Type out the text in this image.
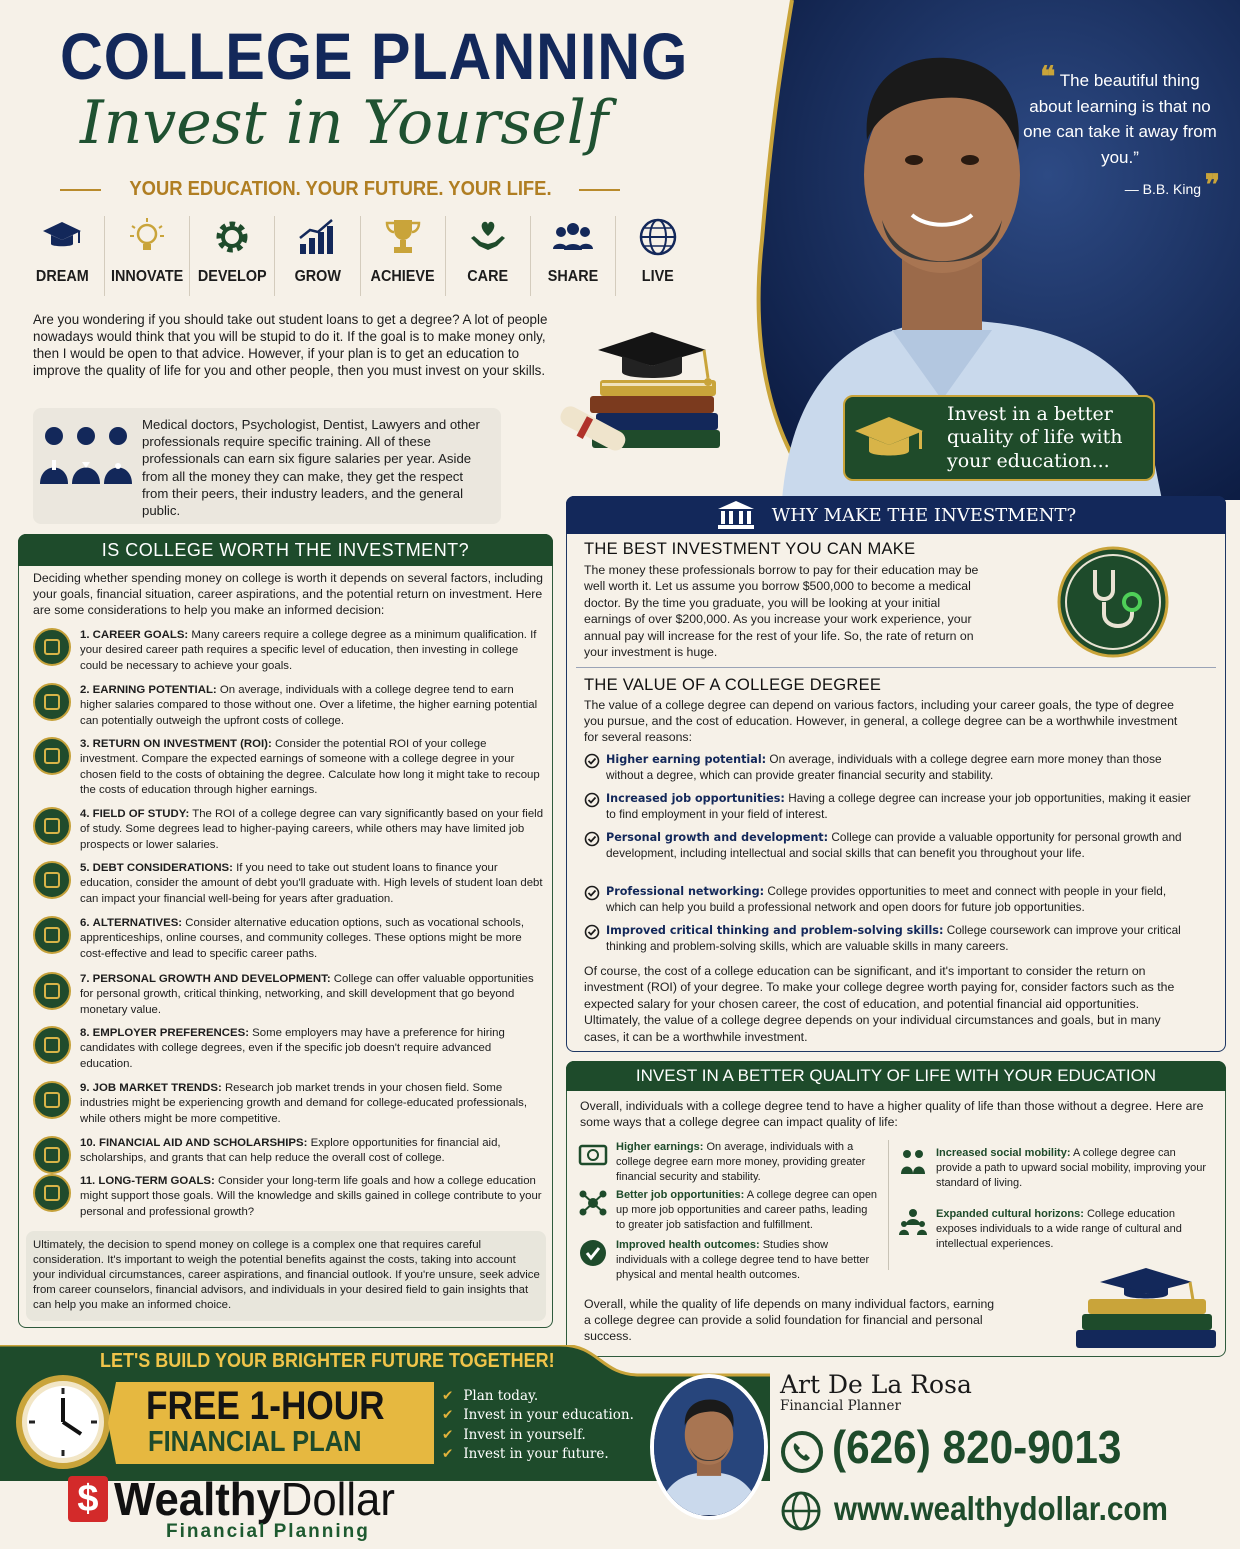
COLLEGE PLANNING
Invest in Yourself
YOUR EDUCATION. YOUR FUTURE. YOUR LIFE.
DREAM INNOVATE DEVELOP GROW ACHIEVE CARE SHARE	LIVE
Are you wondering if you should take out student loans to get a degree? A lot of people nowadays would think that you will be stupid to do it. If the goal is to make money only, then I would be open to that advice. However, if your plan is to get an education to improve the quality of life for you and other people, then you must invest on your skills.
Medical doctors, Psychologist, Dentist, Lawyers and other professionals require specific training. All of these professionals can earn six figure salaries per year. Aside from all the money they can make, they get the respect from their peers, their industry leaders, and the general public.
❝ The beautiful thing about learning is that no one can take it away from you.”
— B.B. King ❞
Invest in a better quality of life with your education...
IS COLLEGE WORTH THE INVESTMENT?
Deciding whether spending money on college is worth it depends on several factors, including your goals, financial situation, career aspirations, and the potential return on investment. Here are some considerations to help you make an informed decision:
1. CAREER GOALS: Many careers require a college degree as a minimum qualification. If your desired career path requires a specific level of education, then investing in college could be necessary to achieve your goals.
2. EARNING POTENTIAL: On average, individuals with a college degree tend to earn higher salaries compared to those without one. Over a lifetime, the higher earning potential can potentially outweigh the upfront costs of college.
3. RETURN ON INVESTMENT (ROI): Consider the potential ROI of your college investment. Compare the expected earnings of someone with a college degree in your chosen field to the costs of obtaining the degree. Calculate how long it might take to recoup the costs of education through higher earnings.
4. FIELD OF STUDY: The ROI of a college degree can vary significantly based on your field of study. Some degrees lead to higher-paying careers, while others may have limited job prospects or lower salaries.
5. DEBT CONSIDERATIONS: If you need to take out student loans to finance your education, consider the amount of debt you'll graduate with. High levels of student loan debt can impact your financial well-being for years after graduation.
6. ALTERNATIVES: Consider alternative education options, such as vocational schools, apprenticeships, online courses, and community colleges. These options might be more cost-effective and lead to specific career paths.
7. PERSONAL GROWTH AND DEVELOPMENT: College can offer valuable opportunities for personal growth, critical thinking, networking, and skill development that go beyond monetary value.
8. EMPLOYER PREFERENCES: Some employers may have a preference for hiring candidates with college degrees, even if the specific job doesn't require advanced education.
9. JOB MARKET TRENDS: Research job market trends in your chosen field. Some industries might be experiencing growth and demand for college-educated professionals, while others might be more competitive.
10. FINANCIAL AID AND SCHOLARSHIPS: Explore opportunities for financial aid, scholarships, and grants that can help reduce the overall cost of college.
11. LONG-TERM GOALS: Consider your long-term life goals and how a college education might support those goals. Will the knowledge and skills gained in college contribute to your personal and professional growth?
Ultimately, the decision to spend money on college is a complex one that requires careful consideration. It's important to weigh the potential benefits against the costs, taking into account your individual circumstances, career aspirations, and financial outlook. If you're unsure, seek advice from career counselors, financial advisors, and individuals in your desired field to gain insights that can help you make an informed choice.
WHY MAKE THE INVESTMENT?
THE BEST INVESTMENT YOU CAN MAKE
The money these professionals borrow to pay for their education may be well worth it. Let us assume you borrow $500,000 to become a medical doctor. By the time you graduate, you will be looking at your initial earnings of over $200,000. As you increase your work experience, your annual pay will increase for the rest of your life. So, the rate of return on your investment is huge.
THE VALUE OF A COLLEGE DEGREE
The value of a college degree can depend on various factors, including your career goals, the type of degree you pursue, and the cost of education. However, in general, a college degree can be a worthwhile investment for several reasons:
Higher earning potential: On average, individuals with a college degree earn more money than those without a degree, which can provide greater financial security and stability.
Increased job opportunities: Having a college degree can increase your job opportunities, making it easier to find employment in your field of interest.
Personal growth and development: College can provide a valuable opportunity for personal growth and development, including intellectual and social skills that can benefit you throughout your life.
Professional networking: College provides opportunities to meet and connect with people in your field, which can help you build a professional network and open doors for future job opportunities.
Improved critical thinking and problem-solving skills: College coursework can improve your critical thinking and problem-solving skills, which are valuable skills in many careers.
Of course, the cost of a college education can be significant, and it's important to consider the return on investment (ROI) of your degree. To make your college degree worth paying for, consider factors such as the expected salary for your chosen career, the cost of education, and potential financial aid opportunities. Ultimately, the value of a college degree depends on your individual circumstances and goals, but in many cases, it can be a worthwhile investment.
INVEST IN A BETTER QUALITY OF LIFE WITH YOUR EDUCATION
Overall, individuals with a college degree tend to have a higher quality of life than those without a degree. Here are some ways that a college degree can impact quality of life:
Higher earnings: On average, individuals with a college degree earn more money, providing greater financial security and stability.
Better job opportunities: A college degree can open up more job opportunities and career paths, leading to greater job satisfaction and fulfillment.
Improved health outcomes: Studies show individuals with a college degree tend to have better physical and mental health outcomes.
Increased social mobility: A college degree can provide a path to upward social mobility, improving your standard of living.
Expanded cultural horizons: College education exposes individuals to a wide range of cultural and intellectual experiences.
Overall, while the quality of life depends on many individual factors, earning a college degree can provide a solid foundation for financial and personal success.
LET'S BUILD YOUR BRIGHTER FUTURE TOGETHER!
FREE 1-HOUR
FINANCIAL PLAN
✔ Plan today.
✔ Invest in your education.
✔ Invest in yourself.
✔ Invest in your future.
Art De La Rosa
Financial Planner
(626) 820-9013
www.wealthydollar.com
$ WealthyDollar
Financial Planning
